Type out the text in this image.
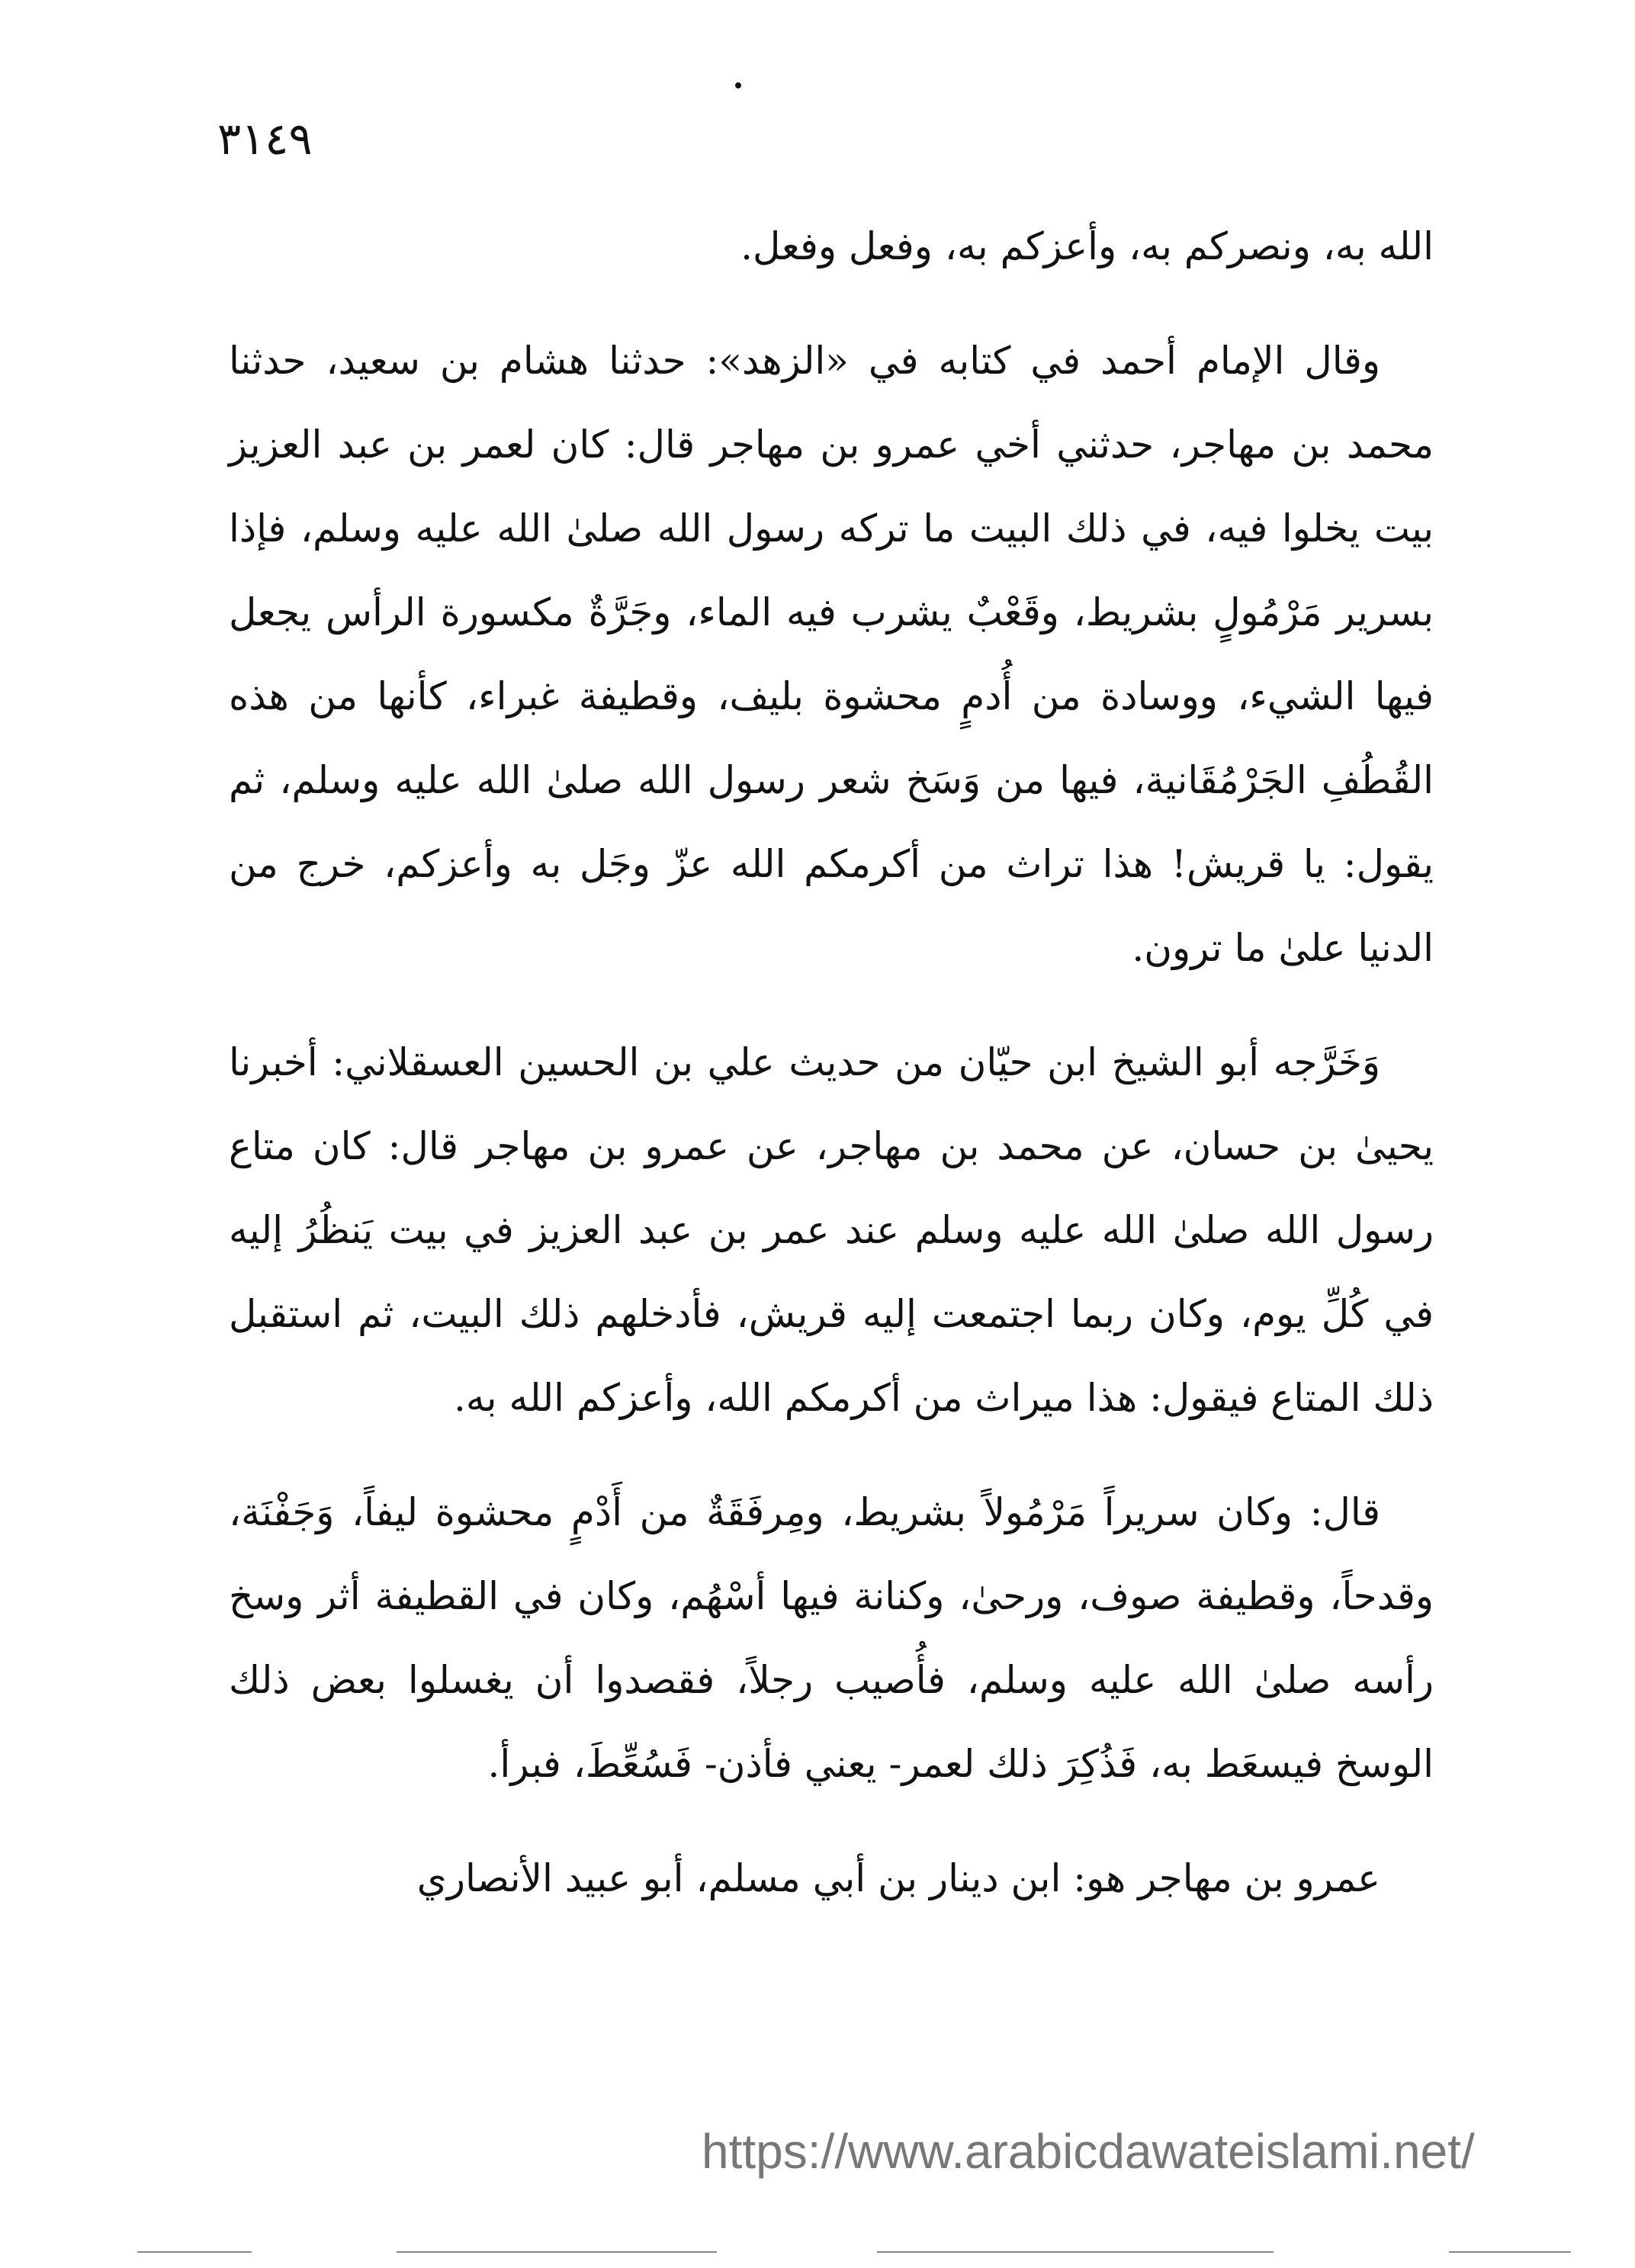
٣١٤٩

الله به، ونصركم به، وأعزكم به، وفعل وفعل.

وقال الإمام أحمد في كتابه في «الزهد»: حدثنا هشام بن سعيد، حدثنا محمد بن مهاجر، حدثني أخي عمرو بن مهاجر قال: كان لعمر بن عبد العزيز بيت يخلوا فيه، في ذلك البيت ما تركه رسول الله صلىٰ الله عليه وسلم، فإذا بسرير مَرْمُولٍ بشريط، وقَعْبٌ يشرب فيه الماء، وجَرَّةٌ مكسورة الرأس يجعل فيها الشيء، ووسادة من أُدمٍ محشوة بليف، وقطيفة غبراء، كأنها من هذه القُطُفِ الجَرْمُقَانية، فيها من وَسَخ شعر رسول الله صلىٰ الله عليه وسلم، ثم يقول: يا قريش! هذا تراث من أكرمكم الله عزّ وجَل به وأعزكم، خرج من الدنيا علىٰ ما ترون.

وَخَرَّجه أبو الشيخ ابن حيّان من حديث علي بن الحسين العسقلاني: أخبرنا يحيىٰ بن حسان، عن محمد بن مهاجر، عن عمرو بن مهاجر قال: كان متاع رسول الله صلىٰ الله عليه وسلم عند عمر بن عبد العزيز في بيت يَنظُرُ إليه في كُلِّ يوم، وكان ربما اجتمعت إليه قريش، فأدخلهم ذلك البيت، ثم استقبل ذلك المتاع فيقول: هذا ميراث من أكرمكم الله، وأعزكم الله به.

قال: وكان سريراً مَرْمُولاً بشريط، ومِرفَقَةٌ من أَدْمٍ محشوة ليفاً، وَجَفْنَة، وقدحاً، وقطيفة صوف، ورحىٰ، وكنانة فيها أسْهُم، وكان في القطيفة أثر وسخ رأسه صلىٰ الله عليه وسلم، فأُصيب رجلاً، فقصدوا أن يغسلوا بعض ذلك الوسخ فيسعَط به، فَذُكِرَ ذلك لعمر- يعني فأذن- فَسُعِّطَ، فبرأ.

عمرو بن مهاجر هو: ابن دينار بن أبي مسلم، أبو عبيد الأنصاري

https://www.arabicdawateislami.net/
